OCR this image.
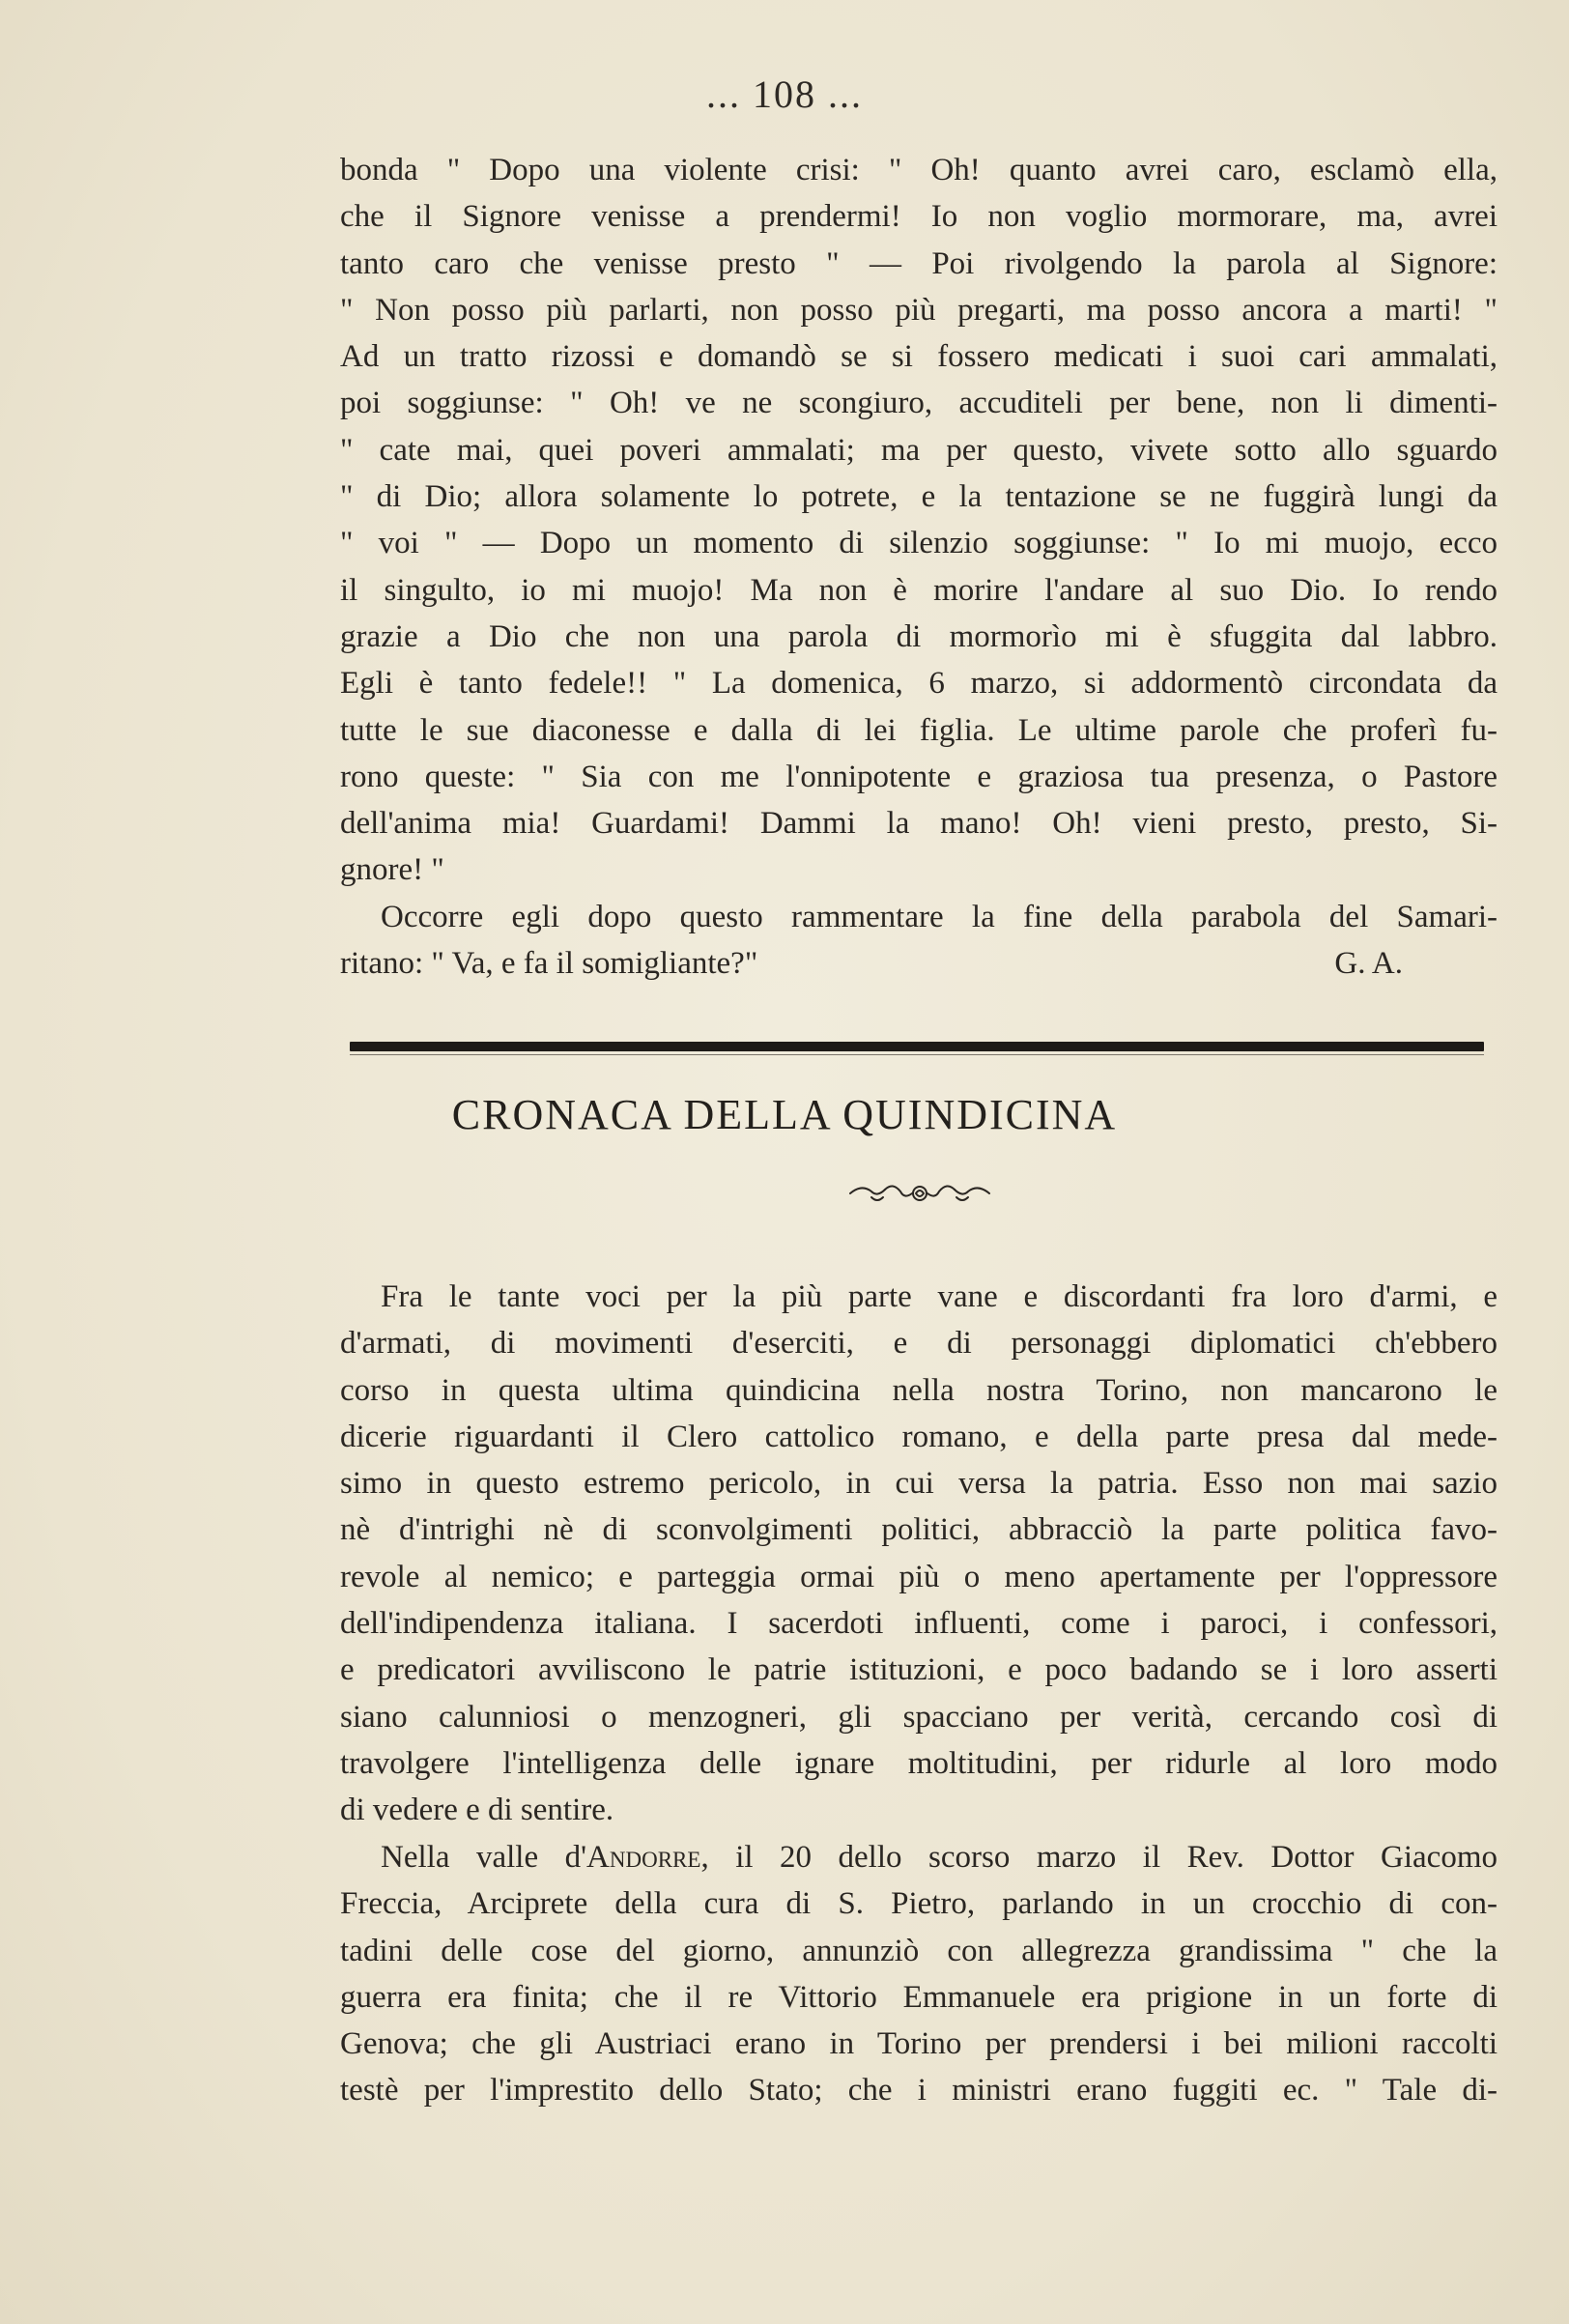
... 108 ...
bonda " Dopo una violente crisi: " Oh! quanto avrei caro, esclamò ella,
che il Signore venisse a prendermi! Io non voglio mormorare, ma, avrei
tanto caro che venisse presto " — Poi rivolgendo la parola al Signore:
" Non posso più parlarti, non posso più pregarti, ma posso ancora a marti! "
Ad un tratto rizossi e domandò se si fossero medicati i suoi cari ammalati,
poi soggiunse: " Oh! ve ne scongiuro, accuditeli per bene, non li dimenti-
" cate mai, quei poveri ammalati; ma per questo, vivete sotto allo sguardo
" di Dio; allora solamente lo potrete, e la tentazione se ne fuggirà lungi da
" voi " — Dopo un momento di silenzio soggiunse: " Io mi muojo, ecco
il singulto, io mi muojo! Ma non è morire l'andare al suo Dio. Io rendo
grazie a Dio che non una parola di mormorìo mi è sfuggita dal labbro.
Egli è tanto fedele!! " La domenica, 6 marzo, si addormentò circondata da
tutte le sue diaconesse e dalla di lei figlia. Le ultime parole che proferì fu-
rono queste: " Sia con me l'onnipotente e graziosa tua presenza, o Pastore
dell'anima mia! Guardami! Dammi la mano! Oh! vieni presto, presto, Si-
gnore! "
Occorre egli dopo questo rammentare la fine della parabola del Samari-
ritano: " Va, e fa il somigliante?"	G. A.
CRONACA DELLA QUINDICINA
Fra le tante voci per la più parte vane e discordanti fra loro d'armi, e
d'armati, di movimenti d'eserciti, e di personaggi diplomatici ch'ebbero
corso in questa ultima quindicina nella nostra Torino, non mancarono le
dicerie riguardanti il Clero cattolico romano, e della parte presa dal mede-
simo in questo estremo pericolo, in cui versa la patria. Esso non mai sazio
nè d'intrighi nè di sconvolgimenti politici, abbracciò la parte politica favo-
revole al nemico; e parteggia ormai più o meno apertamente per l'oppressore
dell'indipendenza italiana. I sacerdoti influenti, come i paroci, i confessori,
e predicatori avviliscono le patrie istituzioni, e poco badando se i loro asserti
siano calunniosi o menzogneri, gli spacciano per verità, cercando così di
travolgere l'intelligenza delle ignare moltitudini, per ridurle al loro modo
di vedere e di sentire.
Nella valle d'Andorre, il 20 dello scorso marzo il Rev. Dottor Giacomo
Freccia, Arciprete della cura di S. Pietro, parlando in un crocchio di con-
tadini delle cose del giorno, annunziò con allegrezza grandissima " che la
guerra era finita; che il re Vittorio Emmanuele era prigione in un forte di
Genova; che gli Austriaci erano in Torino per prendersi i bei milioni raccolti
testè per l'imprestito dello Stato; che i ministri erano fuggiti ec. " Tale di-
